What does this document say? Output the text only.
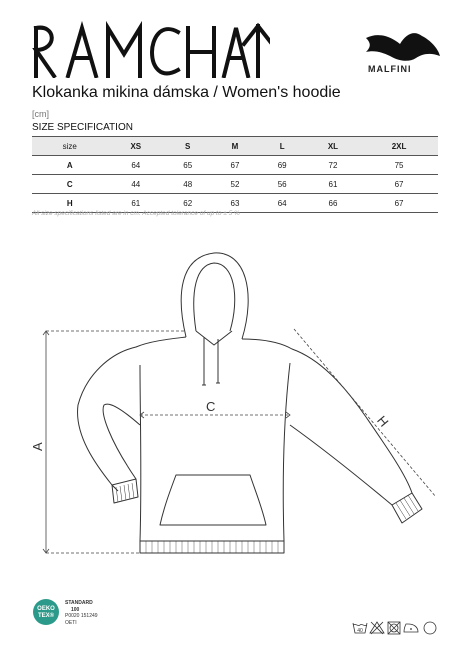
MALFINI
Klokanka mikina dámska / Women's hoodie
[cm]
SIZE SPECIFICATION
size	XS	S	M	L	XL	2XL
A	64	65	67	69	72	75
C	44	48	52	56	61	67
H	61	62	63	64	66	67
All size specifications listed are in cm. Accepted tolerance of up to ± 5 %
A
C
H
OEKO
TEX®
STANDARD
100
P0020 151249
OETI
40
